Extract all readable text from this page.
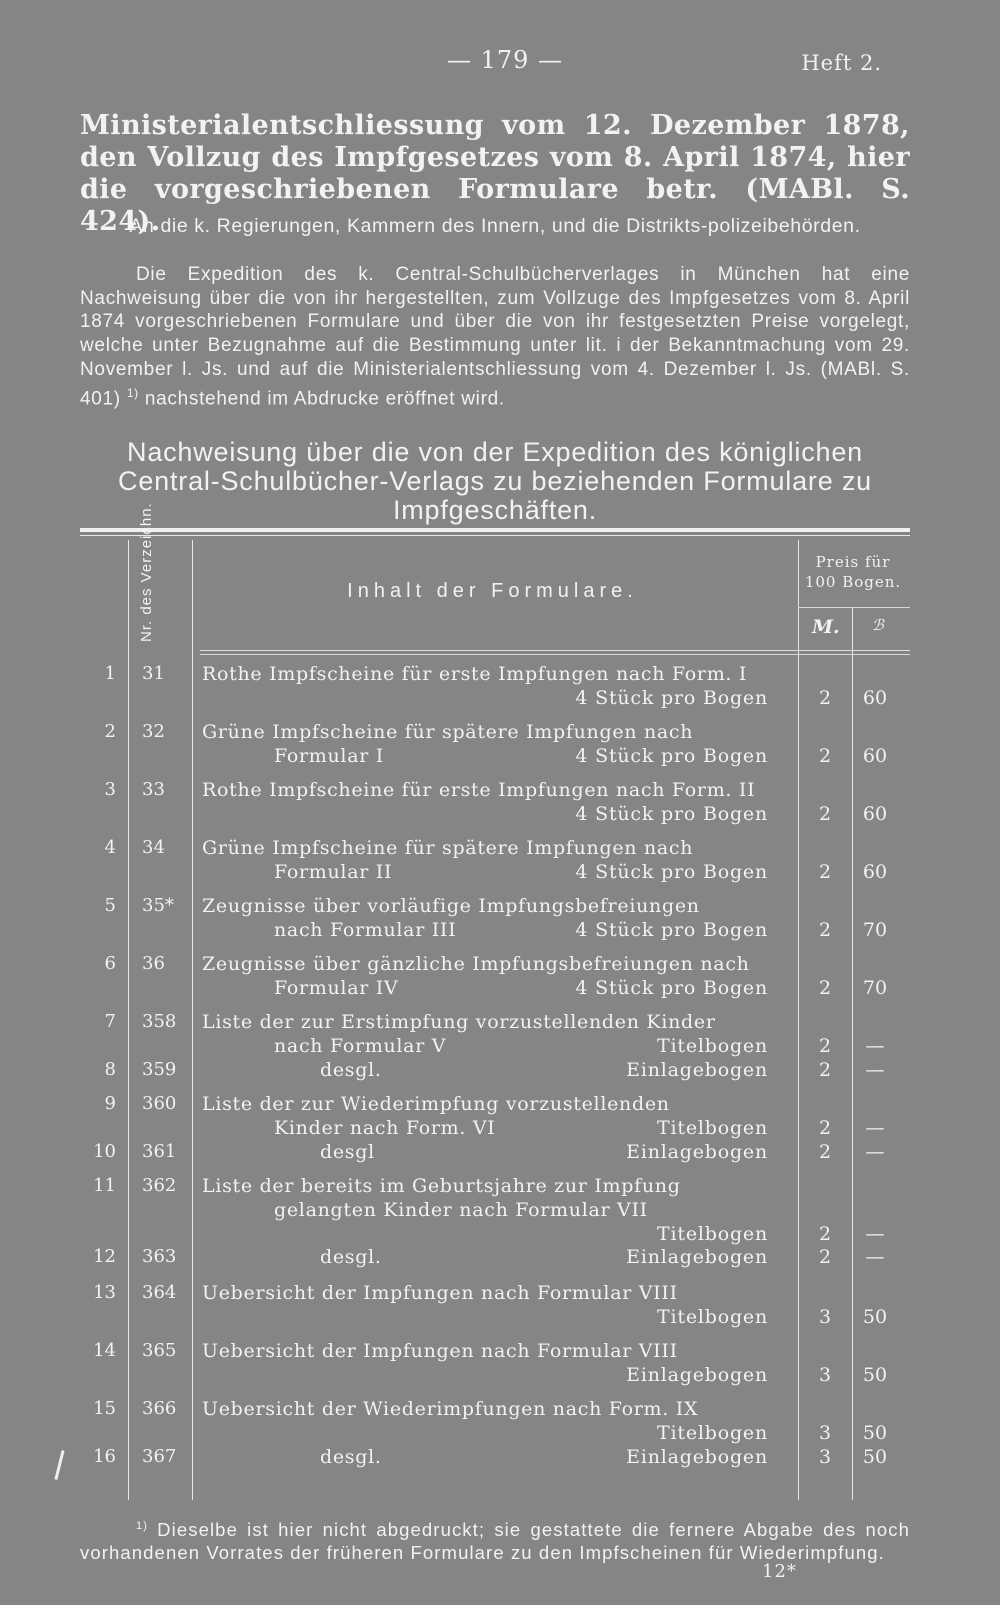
— 179 —	Heft 2.
Ministerialentschliessung vom 12. Dezember 1878, den Vollzug des Impfgesetzes vom 8. April 1874, hier die vorgeschriebenen Formulare betr. (MABl. S. 424).
An die k. Regierungen, Kammern des Innern, und die Distrikts-polizeibehörden.
Die Expedition des k. Central-Schulbücherverlages in München hat eine Nachweisung über die von ihr hergestellten, zum Vollzuge des Impfgesetzes vom 8. April 1874 vorgeschriebenen Formulare und über die von ihr festgesetzten Preise vorgelegt, welche unter Bezugnahme auf die Bestimmung unter lit. i der Bekanntmachung vom 29. November l. Js. und auf die Ministerialentschliessung vom 4. Dezember l. Js. (MABl. S. 401) $^{1)}$ nachstehend im Abdrucke eröffnet wird.
Nachweisung über die von der Expedition des königlichen Central-Schulbücher-Verlags zu beziehenden Formulare zu Impfgeschäften.
Nr. des Verzeichn.	Inhalt der Formulare.
Preis für 100 Bogen.
M. ℬ
1 31	Rothe Impfscheine für erste Impfungen nach Form. I
4 Stück pro Bogen	2	60
2 32	Grüne Impfscheine für spätere Impfungen nach
Formular I	4 Stück pro Bogen	2	60
3 33	Rothe Impfscheine für erste Impfungen nach Form. II
4 Stück pro Bogen	2	60
4 34	Grüne Impfscheine für spätere Impfungen nach
Formular II	4 Stück pro Bogen	2	60
5 35*	Zeugnisse über vorläufige Impfungsbefreiungen
nach Formular III	4 Stück pro Bogen	2	70
6 36	Zeugnisse über gänzliche Impfungsbefreiungen nach
Formular IV	4 Stück pro Bogen	2	70
7 358	Liste der zur Erstimpfung vorzustellenden Kinder
nach Formular V	Titelbogen	2	—
8 359	desgl.	Einlagebogen	2	—
9 360	Liste der zur Wiederimpfung vorzustellenden
Kinder nach Form. VI	Titelbogen	2	—
10 361	desgl	Einlagebogen	2	—
11 362	Liste der bereits im Geburtsjahre zur Impfung
gelangten Kinder nach Formular VII
Titelbogen	2	—
12 363	desgl.	Einlagebogen	2	—
13 364	Uebersicht der Impfungen nach Formular VIII
Titelbogen	3	50
14 365	Uebersicht der Impfungen nach Formular VIII
Einlagebogen	3	50
15 366	Uebersicht der Wiederimpfungen nach Form. IX
Titelbogen	3	50
16 367	desgl.	Einlagebogen	3	50
$^{1)}$ Dieselbe ist hier nicht abgedruckt; sie gestattete die fernere Abgabe des noch vorhandenen Vorrates der früheren Formulare zu den Impfscheinen für Wiederimpfung.
12*
